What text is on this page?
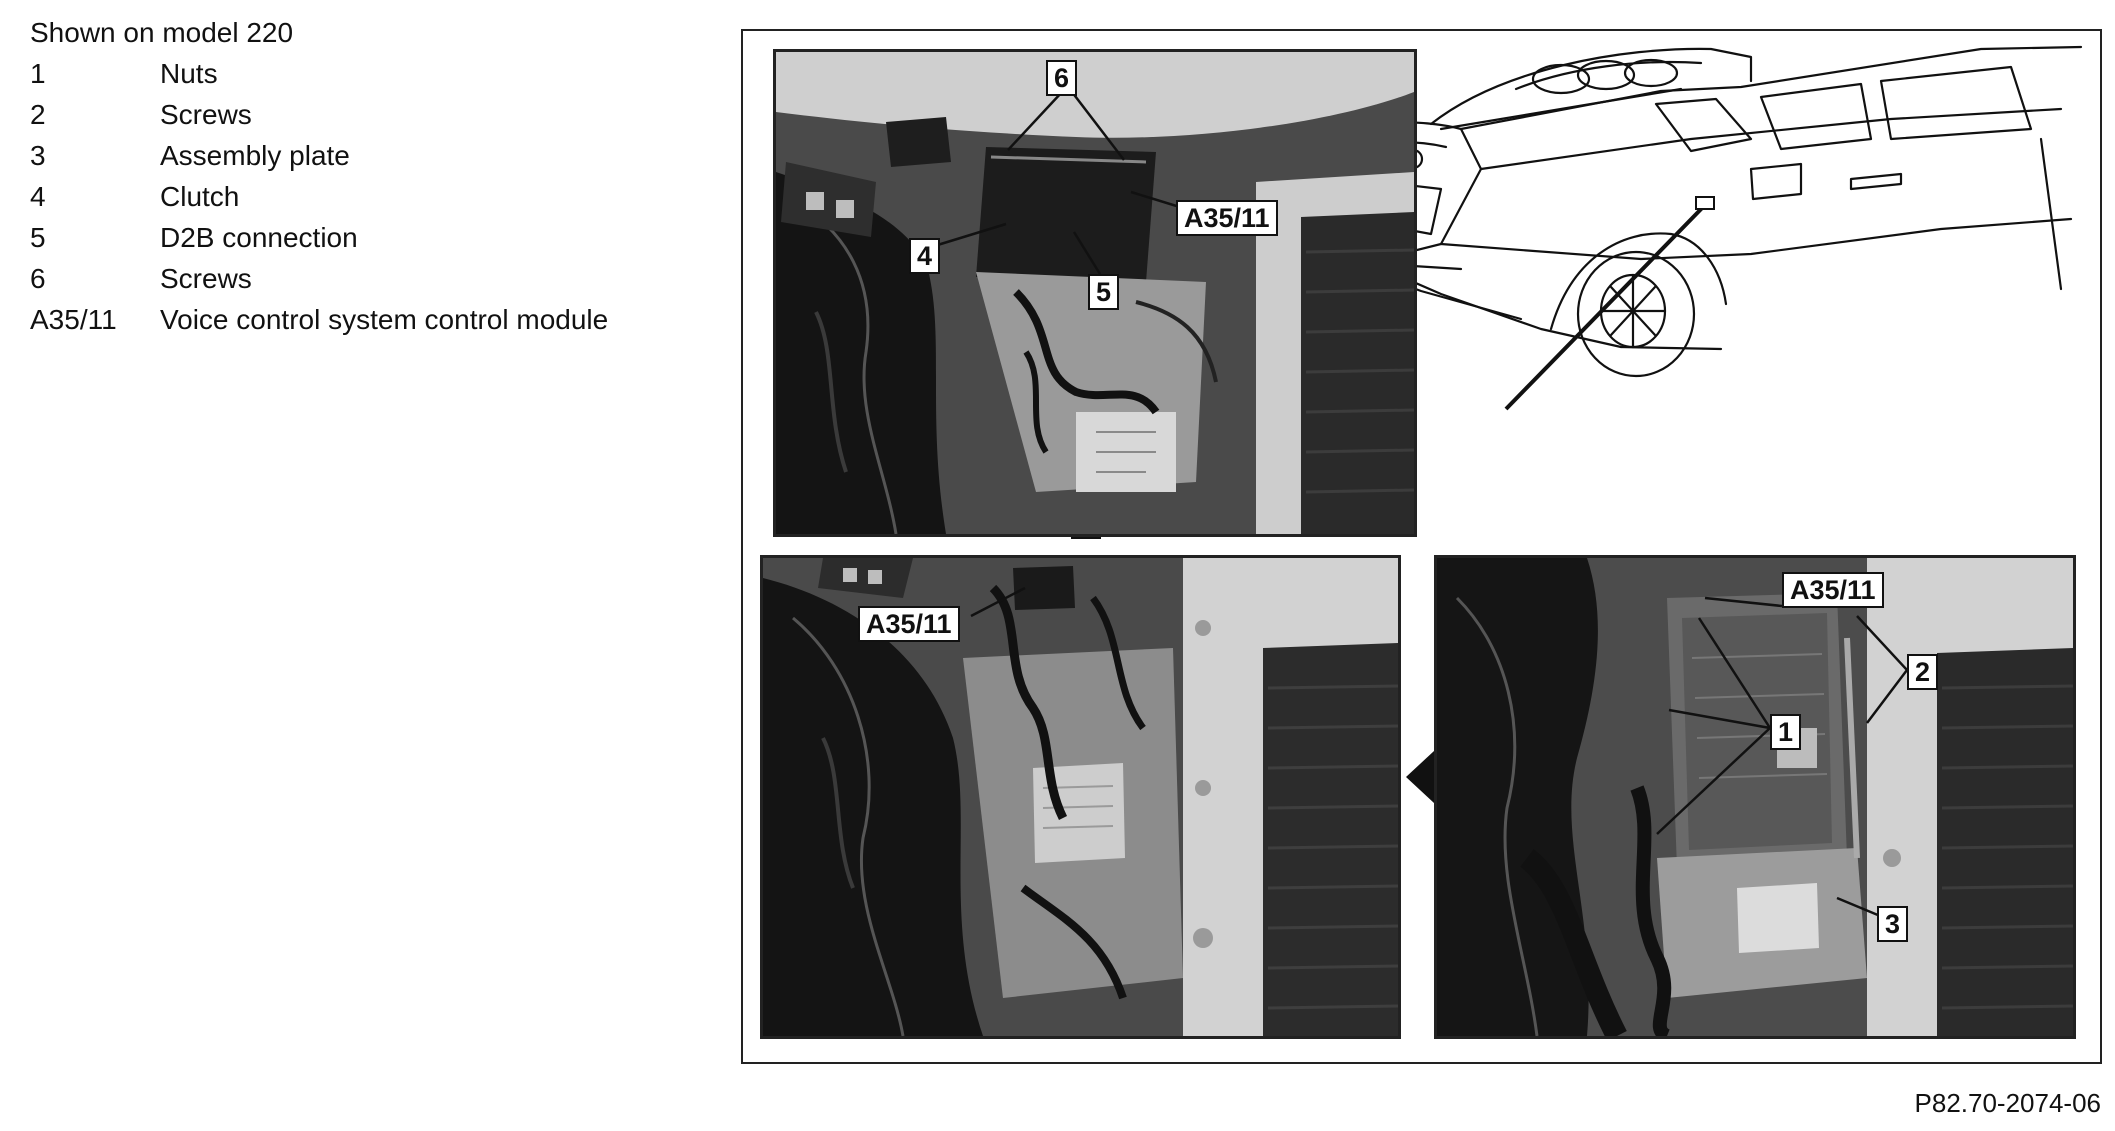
Shown on model 220
1	Nuts
2	Screws
3	Assembly plate
4	Clutch
5	D2B connection
6	Screws
A35/11	Voice control system control module
6
A35/11
4
5
A35/11
A35/11
2
1
3
P82.70-2074-06
